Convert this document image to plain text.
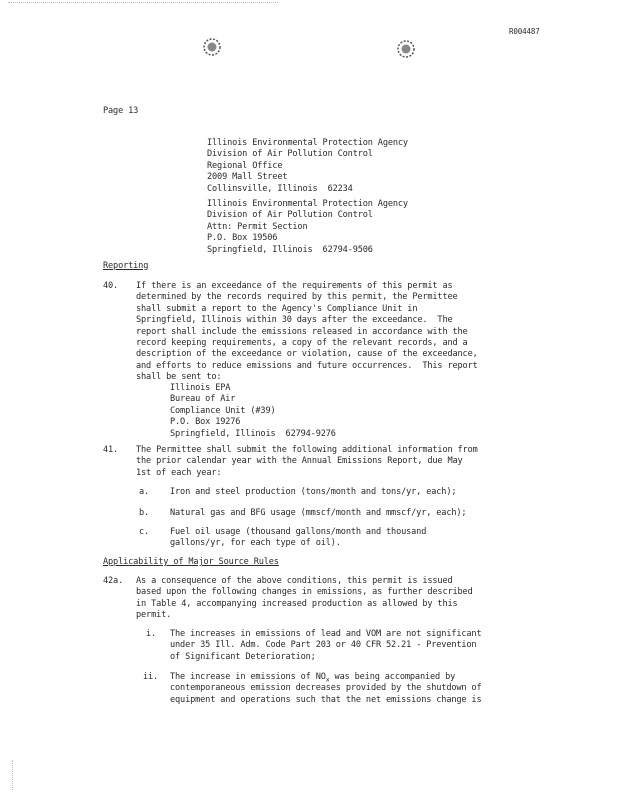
R004487
Page 13
Illinois Environmental Protection Agency
Division of Air Pollution Control
Regional Office
2009 Mall Street
Collinsville, Illinois  62234
Illinois Environmental Protection Agency
Division of Air Pollution Control
Attn: Permit Section
P.O. Box 19506
Springfield, Illinois  62794-9506
Reporting
40. If there is an exceedance of the requirements of this permit as
determined by the records required by this permit, the Permittee
shall submit a report to the Agency's Compliance Unit in
Springfield, Illinois within 30 days after the exceedance.  The
report shall include the emissions released in accordance with the
record keeping requirements, a copy of the relevant records, and a
description of the exceedance or violation, cause of the exceedance,
and efforts to reduce emissions and future occurrences.  This report
shall be sent to:
Illinois EPA
Bureau of Air
Compliance Unit (#39)
P.O. Box 19276
Springfield, Illinois  62794-9276
41. The Permittee shall submit the following additional information from
the prior calendar year with the Annual Emissions Report, due May
1st of each year:
a. Iron and steel production (tons/month and tons/yr, each);
b. Natural gas and BFG usage (mmscf/month and mmscf/yr, each);
c. Fuel oil usage (thousand gallons/month and thousand
gallons/yr, for each type of oil).
Applicability of Major Source Rules
42a. As a consequence of the above conditions, this permit is issued
based upon the following changes in emissions, as further described
in Table 4, accompanying increased production as allowed by this
permit.
i. The increases in emissions of lead and VOM are not significant
under 35 Ill. Adm. Code Part 203 or 40 CFR 52.21 - Prevention
of Significant Deterioration;
ii. The increase in emissions of $NO_x$ was being accompanied by
contemporaneous emission decreases provided by the shutdown of
equipment and operations such that the net emissions change is
